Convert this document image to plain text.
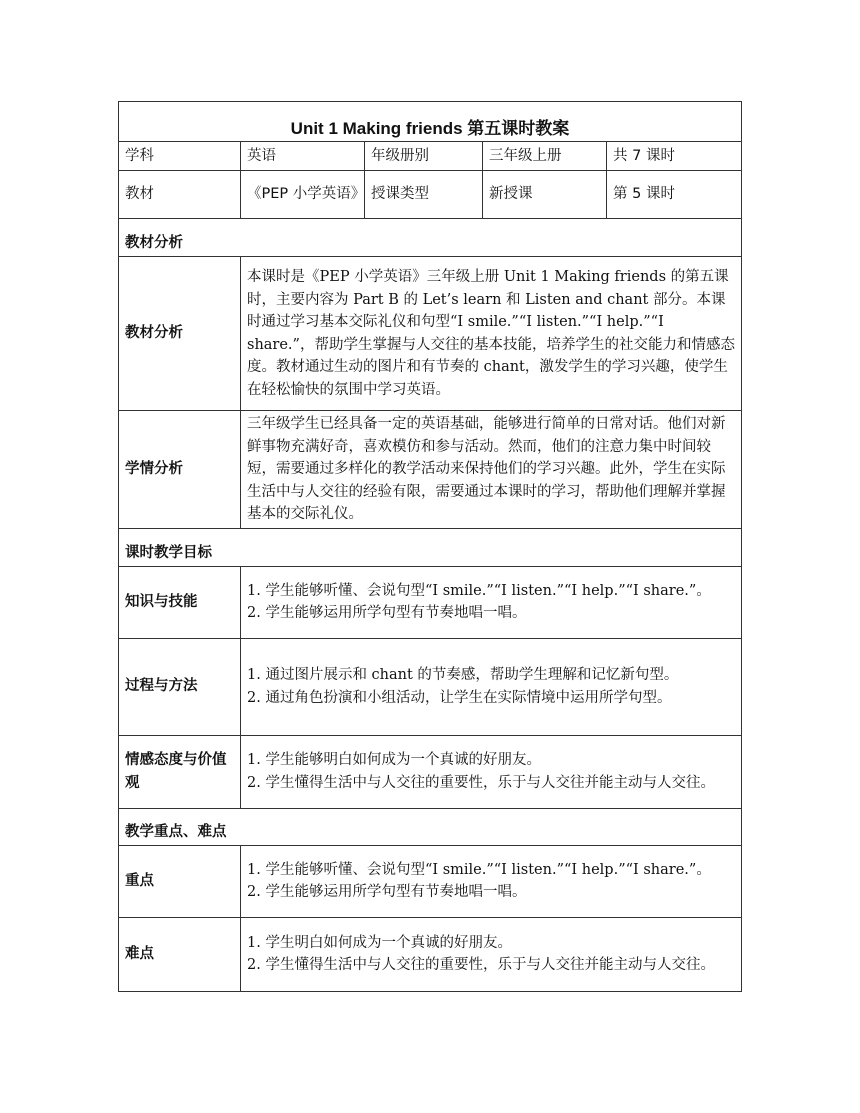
Unit 1 Making friends 第五课时教案				
学科	英语	年级册别	三年级上册	共 7 课时
教材	《PEP 小学英语》	授课类型	新授课	第 5 课时
教材分析				
教材分析	本课时是《PEP 小学英语》三年级上册 Unit 1 Making friends 的第五课时，主要内容为 Part B 的 Let’s learn 和 Listen and chant 部分。本课时通过学习基本交际礼仪和句型“I smile.”“I listen.”“I help.”“I share.”，帮助学生掌握与人交往的基本技能，培养学生的社交能力和情感态度。教材通过生动的图片和有节奏的 chant，激发学生的学习兴趣，使学生在轻松愉快的氛围中学习英语。			

学情分析	三年级学生已经具备一定的英语基础，能够进行简单的日常对话。他们对新鲜事物充满好奇，喜欢模仿和参与活动。然而，他们的注意力集中时间较短，需要通过多样化的教学活动来保持他们的学习兴趣。此外，学生在实际生活中与人交往的经验有限，需要通过本课时的学习，帮助他们理解并掌握基本的交际礼仪。			

课时教学目标				
知识与技能	1. 学生能够听懂、会说句型“I smile.”“I listen.”“I help.”“I share.”。

2. 学生能够运用所学句型有节奏地唱一唱。			

过程与方法	1. 通过图片展示和 chant 的节奏感，帮助学生理解和记忆新句型。

2. 通过角色扮演和小组活动，让学生在实际情境中运用所学句型。			

情感态度与价值观	1. 学生能够明白如何成为一个真诚的好朋友。

2. 学生懂得生活中与人交往的重要性，乐于与人交往并能主动与人交往。			

教学重点、难点				
重点	1. 学生能够听懂、会说句型“I smile.”“I listen.”“I help.”“I share.”。

2. 学生能够运用所学句型有节奏地唱一唱。			

难点	1. 学生明白如何成为一个真诚的好朋友。

2. 学生懂得生活中与人交往的重要性，乐于与人交往并能主动与人交往。			
